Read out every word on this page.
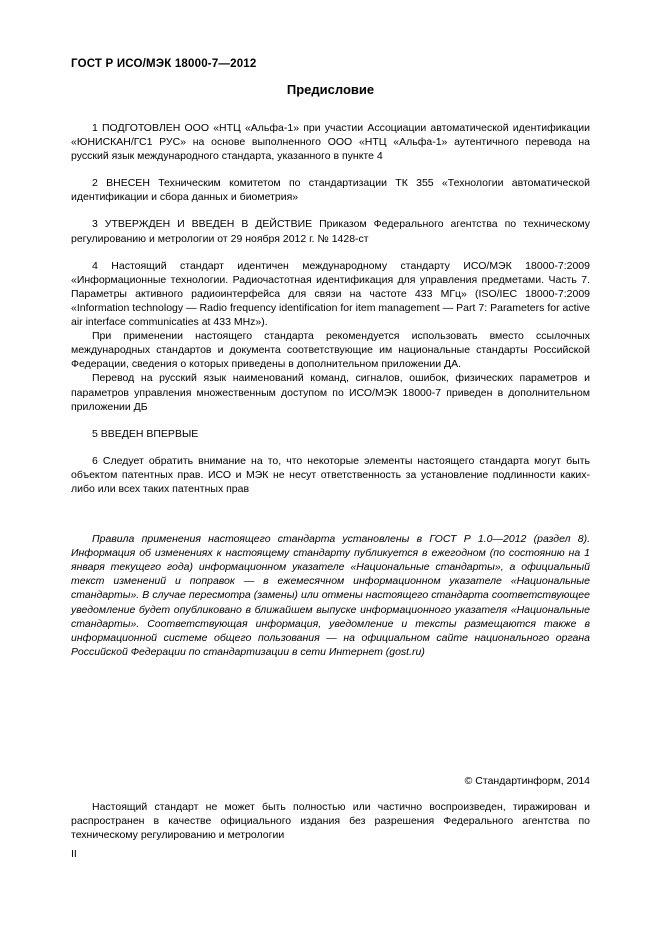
ГОСТ Р ИСО/МЭК 18000-7—2012
Предисловие

1 ПОДГОТОВЛЕН ООО «НТЦ «Альфа-1» при участии Ассоциации автоматической идентификации «ЮНИСКАН/ГС1 РУС» на основе выполненного ООО «НТЦ «Альфа-1» аутентичного перевода на русский язык международного стандарта, указанного в пункте 4

2 ВНЕСЕН Техническим комитетом по стандартизации ТК 355 «Технологии автоматической идентификации и сбора данных и биометрия»

3 УТВЕРЖДЕН И ВВЕДЕН В ДЕЙСТВИЕ Приказом Федерального агентства по техническому регулированию и метрологии от 29 ноября 2012 г. № 1428-ст

4 Настоящий стандарт идентичен международному стандарту ИСО/МЭК 18000-7:2009 «Информационные технологии. Радиочастотная идентификация для управления предметами. Часть 7. Параметры активного радиоинтерфейса для связи на частоте 433 МГц» (ISO/IEC 18000-7:2009 «Information technology — Radio frequency identification for item management — Part 7: Parameters for active air interface communicaties at 433 MHz»).

При применении настоящего стандарта рекомендуется использовать вместо ссылочных международных стандартов и документа соответствующие им национальные стандарты Российской Федерации, сведения о которых приведены в дополнительном приложении ДА.

Перевод на русский язык наименований команд, сигналов, ошибок, физических параметров и параметров управления множественным доступом по ИСО/МЭК 18000-7 приведен в дополнительном приложении ДБ

5 ВВЕДЕН ВПЕРВЫЕ

6 Следует обратить внимание на то, что некоторые элементы настоящего стандарта могут быть объектом патентных прав. ИСО и МЭК не несут ответственность за установление подлинности каких-либо или всех таких патентных прав

Правила применения настоящего стандарта установлены в ГОСТ Р 1.0—2012 (раздел 8). Информация об изменениях к настоящему стандарту публикуется в ежегодном (по состоянию на 1 января текущего года) информационном указателе «Национальные стандарты», а официальный текст изменений и поправок — в ежемесячном информационном указателе «Национальные стандарты». В случае пересмотра (замены) или отмены настоящего стандарта соответствующее уведомление будет опубликовано в ближайшем выпуске информационного указателя «Национальные стандарты». Соответствующая информация, уведомление и тексты размещаются также в информационной системе общего пользования — на официальном сайте национального органа Российской Федерации по стандартизации в сети Интернет (gost.ru)

© Стандартинформ, 2014

Настоящий стандарт не может быть полностью или частично воспроизведен, тиражирован и распространен в качестве официального издания без разрешения Федерального агентства по техническому регулированию и метрологии

II
